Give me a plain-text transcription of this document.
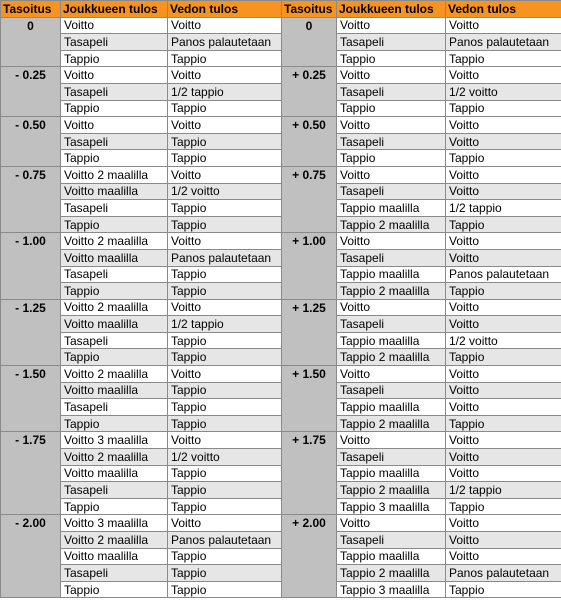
Tasoitus	Joukkueen tulos	Vedon tulos	Tasoitus	Joukkueen tulos	Vedon tulos
0	Voitto	Voitto	0	Voitto	Voitto
	Tasapeli	Panos palautetaan		Tasapeli	Panos palautetaan
	Tappio	Tappio		Tappio	Tappio
- 0.25	Voitto	Voitto	+ 0.25	Voitto	Voitto
	Tasapeli	1/2 tappio		Tasapeli	1/2 voitto
	Tappio	Tappio		Tappio	Tappio
- 0.50	Voitto	Voitto	+ 0.50	Voitto	Voitto
	Tasapeli	Tappio		Tasapeli	Voitto
	Tappio	Tappio		Tappio	Tappio
- 0.75	Voitto 2 maalilla	Voitto	+ 0.75	Voitto	Voitto
	Voitto maalilla	1/2 voitto		Tasapeli	Voitto
	Tasapeli	Tappio		Tappio maalilla	1/2 tappio
	Tappio	Tappio		Tappio 2 maalilla	Tappio
- 1.00	Voitto 2 maalilla	Voitto	+ 1.00	Voitto	Voitto
	Voitto maalilla	Panos palautetaan		Tasapeli	Voitto
	Tasapeli	Tappio		Tappio maalilla	Panos palautetaan
	Tappio	Tappio		Tappio 2 maalilla	Tappio
- 1.25	Voitto 2 maalilla	Voitto	+ 1.25	Voitto	Voitto
	Voitto maalilla	1/2 tappio		Tasapeli	Voitto
	Tasapeli	Tappio		Tappio maalilla	1/2 voitto
	Tappio	Tappio		Tappio 2 maalilla	Tappio
- 1.50	Voitto 2 maalilla	Voitto	+ 1.50	Voitto	Voitto
	Voitto maalilla	Tappio		Tasapeli	Voitto
	Tasapeli	Tappio		Tappio maalilla	Voitto
	Tappio	Tappio		Tappio 2 maalilla	Tappio
- 1.75	Voitto 3 maalilla	Voitto	+ 1.75	Voitto	Voitto
	Voitto 2 maalilla	1/2 voitto		Tasapeli	Voitto
	Voitto maalilla	Tappio		Tappio maalilla	Voitto
	Tasapeli	Tappio		Tappio 2 maalilla	1/2 tappio
	Tappio	Tappio		Tappio 3 maalilla	Tappio
- 2.00	Voitto 3 maalilla	Voitto	+ 2.00	Voitto	Voitto
	Voitto 2 maalilla	Panos palautetaan		Tasapeli	Voitto
	Voitto maalilla	Tappio		Tappio maalilla	Voitto
	Tasapeli	Tappio		Tappio 2 maalilla	Panos palautetaan
	Tappio	Tappio		Tappio 3 maalilla	Tappio
